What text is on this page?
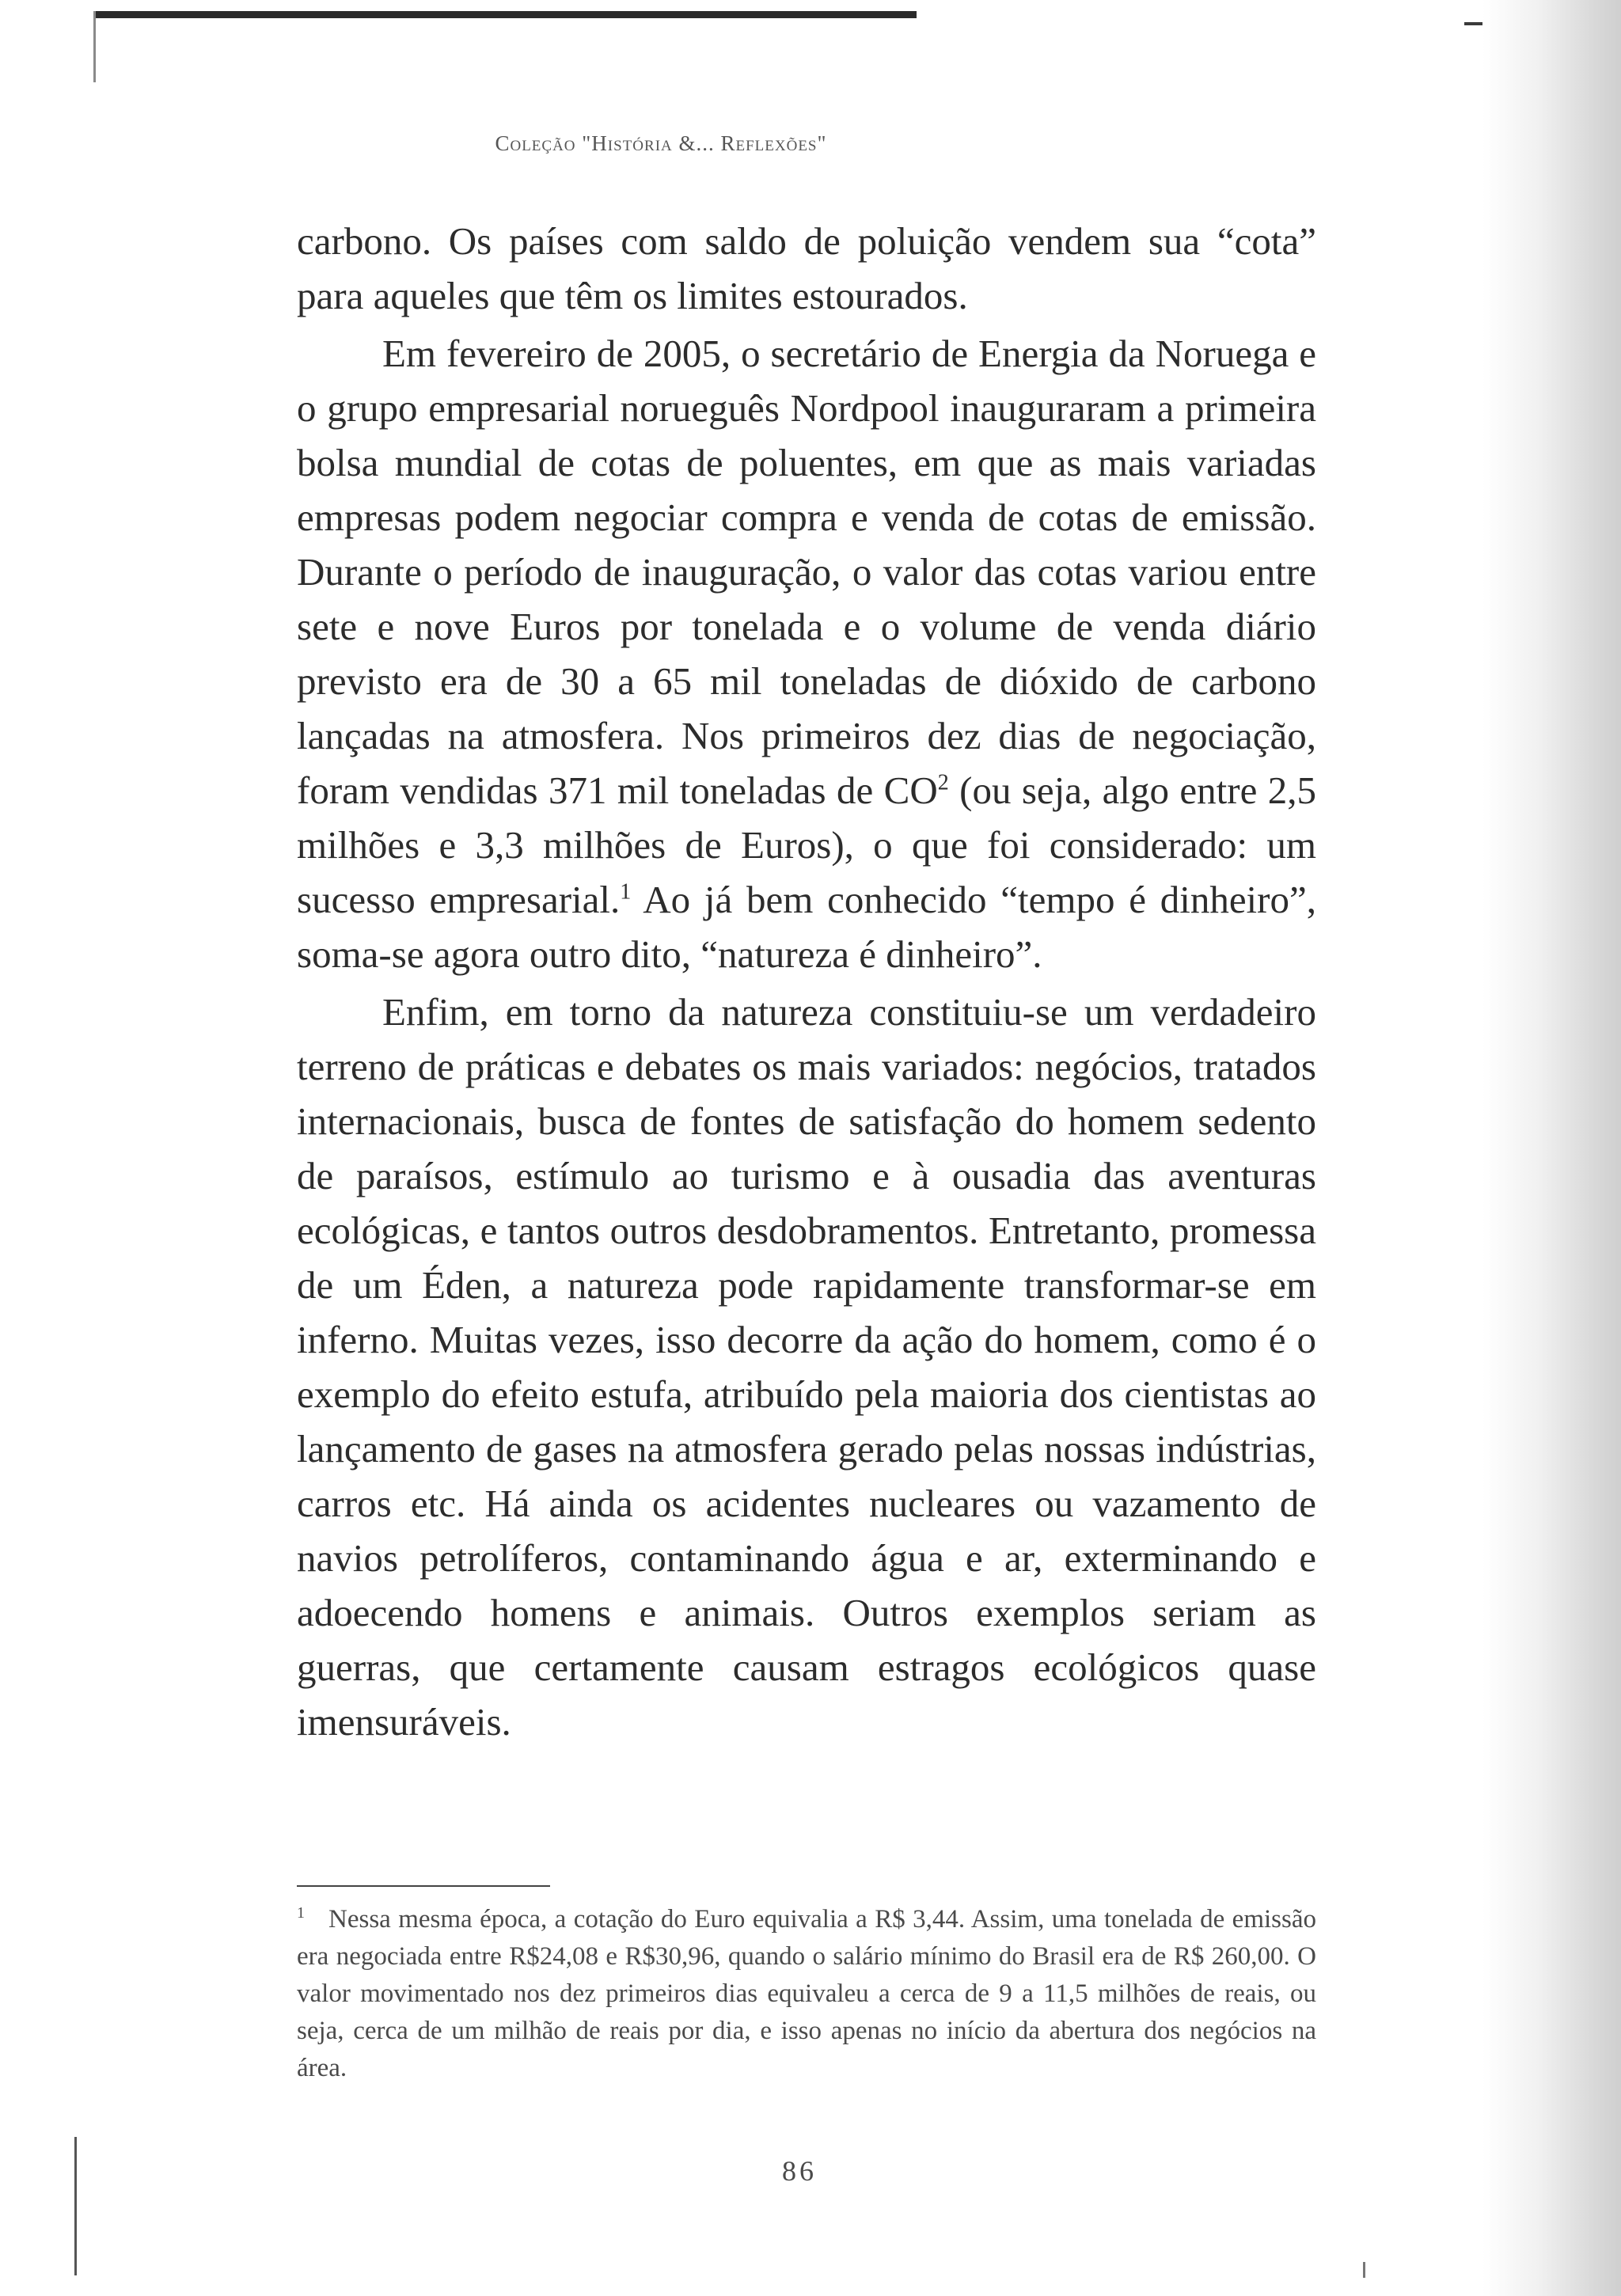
Coleção "História &... Reflexões"

carbono. Os países com saldo de poluição vendem sua “cota” para aqueles que têm os limites estourados.

Em fevereiro de 2005, o secretário de Energia da Noruega e o grupo empresarial norueguês Nordpool inauguraram a primeira bolsa mundial de cotas de poluentes, em que as mais variadas empresas podem negociar compra e venda de cotas de emissão. Durante o período de inauguração, o valor das cotas variou entre sete e nove Euros por tonelada e o volume de venda diário previsto era de 30 a 65 mil toneladas de dióxido de carbono lançadas na atmosfera. Nos primeiros dez dias de negociação, foram vendidas 371 mil toneladas de $CO^2$ (ou seja, algo entre 2,5 milhões e 3,3 milhões de Euros), o que foi considerado: um sucesso empresarial.$^1$ Ao já bem conhecido “tempo é dinheiro”, soma-se agora outro dito, “natureza é dinheiro”.

Enfim, em torno da natureza constituiu-se um verdadeiro terreno de práticas e debates os mais variados: negócios, tratados internacionais, busca de fontes de satisfação do homem sedento de paraísos, estímulo ao turismo e à ousadia das aventuras ecológicas, e tantos outros desdobramentos. Entretanto, promessa de um Éden, a natureza pode rapidamente transformar-se em inferno. Muitas vezes, isso decorre da ação do homem, como é o exemplo do efeito estufa, atribuído pela maioria dos cientistas ao lançamento de gases na atmosfera gerado pelas nossas indústrias, carros etc. Há ainda os acidentes nucleares ou vazamento de navios petrolíferos, contaminando água e ar, exterminando e adoecendo homens e animais. Outros exemplos seriam as guerras, que certamente causam estragos ecológicos quase imensuráveis.

$^1$ Nessa mesma época, a cotação do Euro equivalia a R$ 3,44. Assim, uma tonelada de emissão era negociada entre R$24,08 e R$30,96, quando o salário mínimo do Brasil era de R$ 260,00. O valor movimentado nos dez primeiros dias equivaleu a cerca de 9 a 11,5 milhões de reais, ou seja, cerca de um milhão de reais por dia, e isso apenas no início da abertura dos negócios na área.
86
